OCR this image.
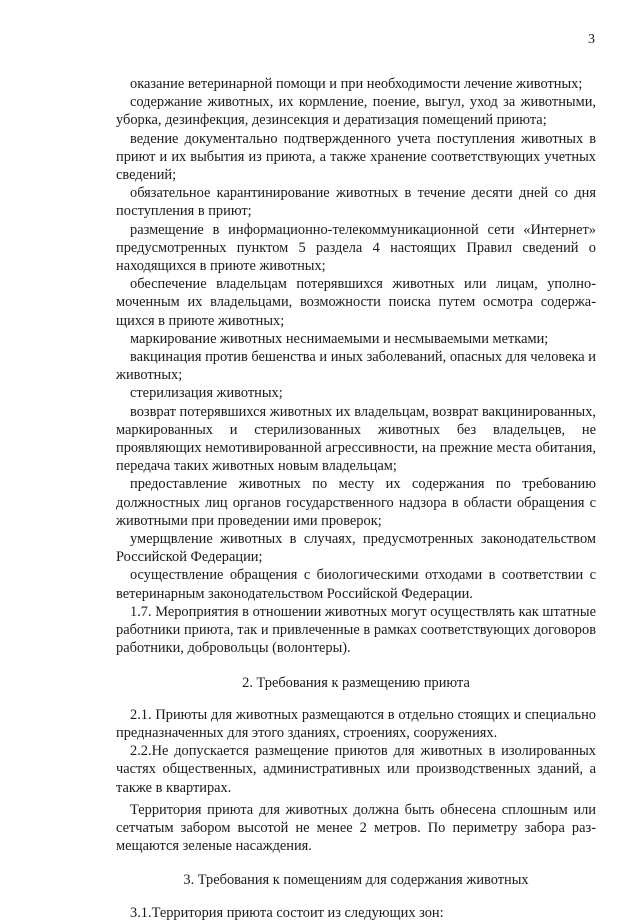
3

оказание ветеринарной помощи и при необходимости лечение животных;

содержание животных, их кормление, поение, выгул, уход за животными, уборка, дезинфекция, дезинсекция и дератизация помещений приюта;

ведение документально подтвержденного учета поступления животных в приют и их выбытия из приюта, а также хранение соответствующих учетных сведений;

обязательное карантинирование животных в течение десяти дней со дня поступления в приют;

размещение в информационно-телекоммуникационной сети «Интернет» предусмотренных пунктом 5 раздела 4 настоящих Правил сведений о находящихся в приюте животных;

обеспечение владельцам потерявшихся животных или лицам, уполномоченным их владельцами, возможности поиска путем осмотра содержащихся в приюте животных;

маркирование животных неснимаемыми и несмываемыми метками;

вакцинация против бешенства и иных заболеваний, опасных для человека и животных;

стерилизация животных;

возврат потерявшихся животных их владельцам, возврат вакцинированных, маркированных и стерилизованных животных без владельцев, не проявляющих немотивированной агрессивности, на прежние места обитания, передача таких животных новым владельцам;

предоставление животных по месту их содержания по требованию должностных лиц органов государственного надзора в области обращения с животными при проведении ими проверок;

умерщвление животных в случаях, предусмотренных законодательством Российской Федерации;

осуществление обращения с биологическими отходами в соответствии с ветеринарным законодательством Российской Федерации.

1.7. Мероприятия в отношении животных могут осуществлять как штатные работники приюта, так и привлеченные в рамках соответствующих договоров работники, добровольцы (волонтеры).

2. Требования к размещению приюта

2.1. Приюты для животных размещаются в отдельно стоящих и специально предназначенных для этого зданиях, строениях, сооружениях.

2.2.Не допускается размещение приютов для животных в изолированных частях общественных, административных или производственных зданий, а также в квартирах.

Территория приюта для животных должна быть обнесена сплошным или сетчатым забором высотой не менее 2 метров. По периметру забора размещаются зеленые насаждения.

3. Требования к помещениям для содержания животных

3.1.Территория приюта состоит из следующих зон:
